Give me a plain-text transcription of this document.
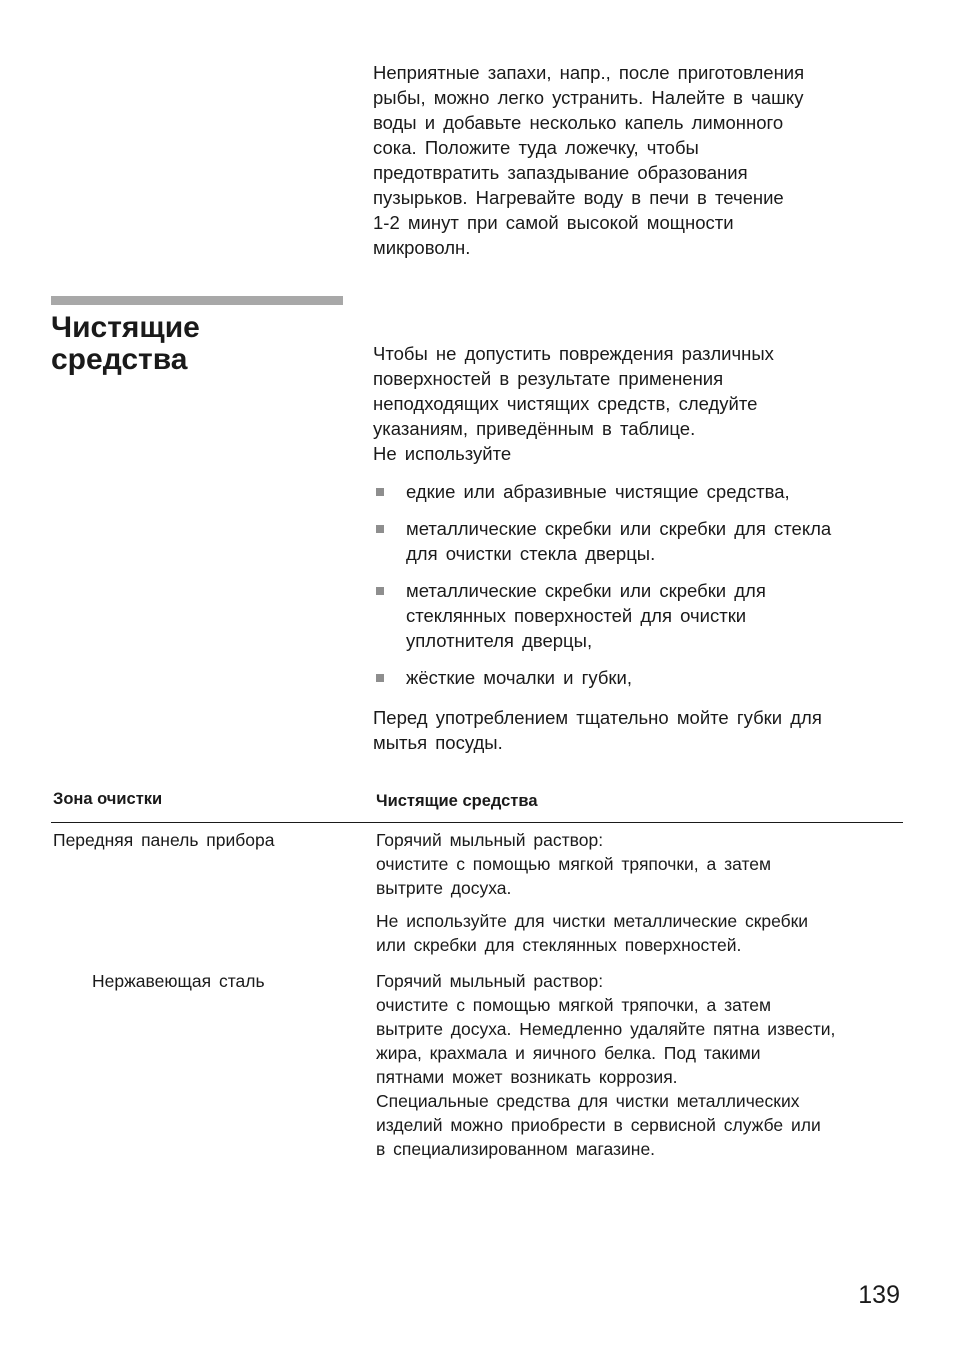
Неприятные запахи, напр., после приготовления
рыбы, можно легко устранить. Налейте в чашку
воды и добавьте несколько капель лимонного
сока. Положите туда ложечку, чтобы
предотвратить запаздывание образования
пузырьков. Нагревайте воду в печи в течение
1-2 минут при самой высокой мощности
микроволн.

Чистящие
средства	Чтобы не допустить повреждения различных
поверхностей в результате применения
неподходящих чистящих средств, следуйте
указаниям, приведённым в таблице.
Не используйте

едкие или абразивные чистящие средства,
металлические скребки или скребки для стекла
для очистки стекла дверцы.
металлические скребки или скребки для
стеклянных поверхностей для очистки
уплотнителя дверцы,
жёсткие мочалки и губки,

Перед употреблением тщательно мойте губки для
мытья посуды.

Зона очистки	Чистящие средства
Передняя панель прибора	Горячий мыльный раствор:
очистите с помощью мягкой тряпочки, а затем
вытрите досуха.
Не используйте для чистки металлические скребки
или скребки для стеклянных поверхностей.
Нержавеющая сталь	Горячий мыльный раствор:
очистите с помощью мягкой тряпочки, а затем
вытрите досуха. Немедленно удаляйте пятна извести,
жира, крахмала и яичного белка. Под такими
пятнами может возникать коррозия.
Специальные средства для чистки металлических
изделий можно приобрести в сервисной службе или
в специализированном магазине.
139
